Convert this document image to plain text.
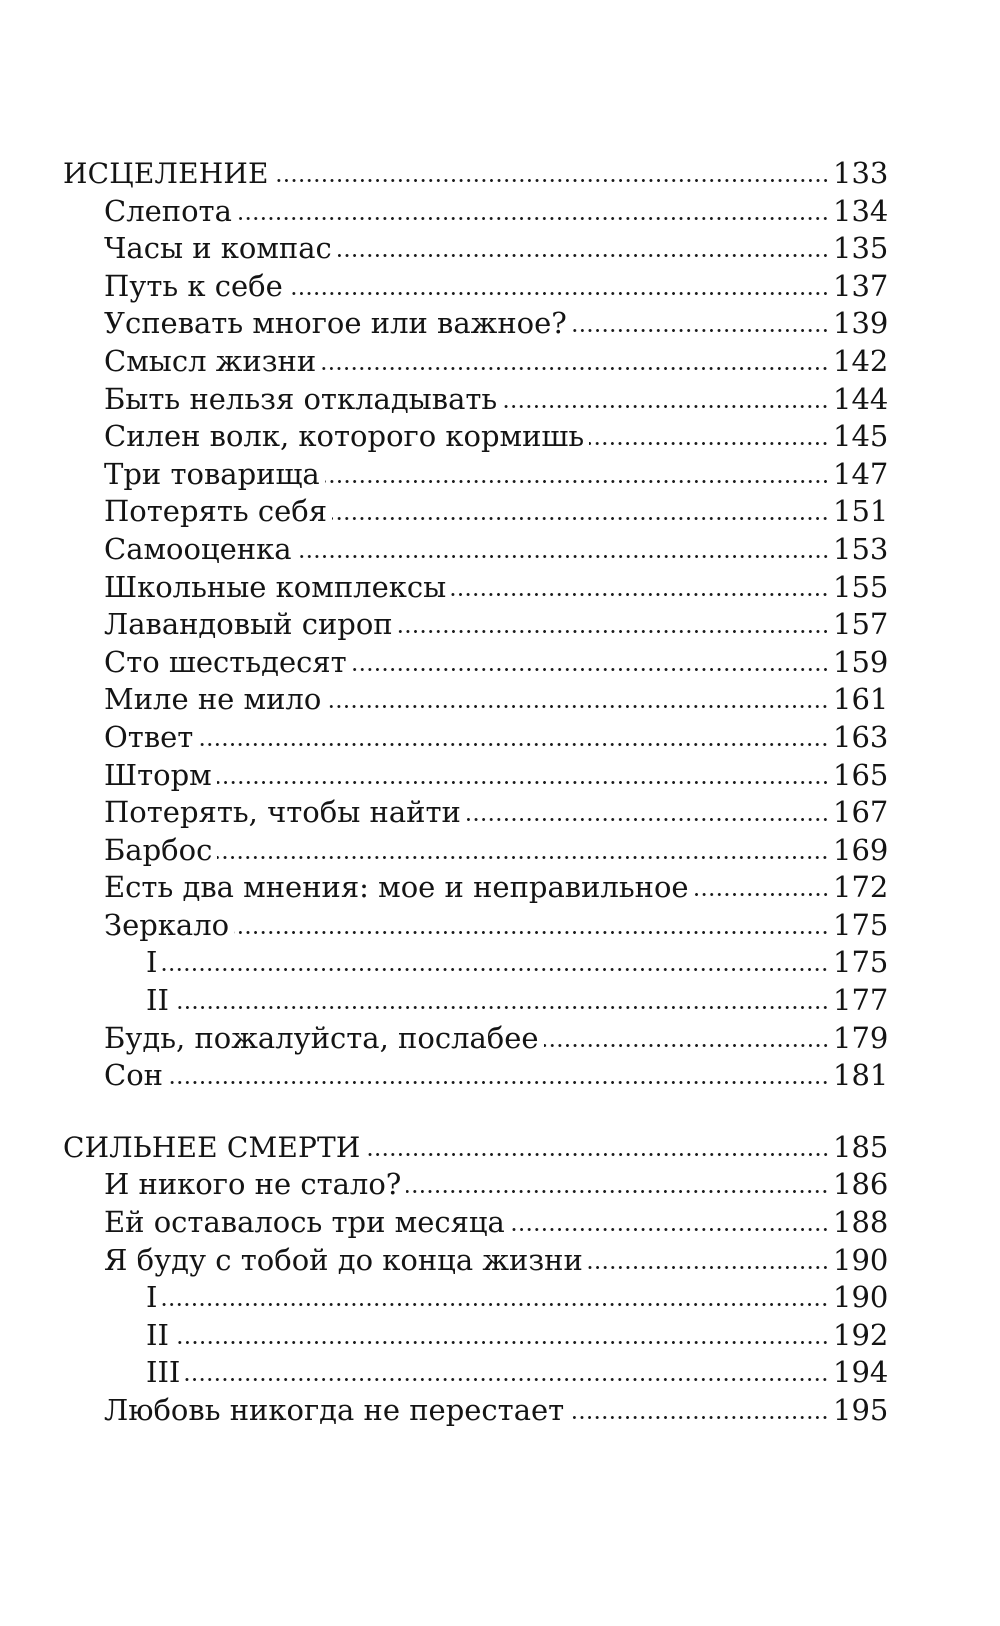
ИСЦЕЛЕНИЕ	133
Слепота	134
Часы и компас	135
Путь к себе	137
Успевать многое или важное?	139
Смысл жизни	142
Быть нельзя откладывать	144
Силен волк, которого кормишь	145
Три товарища	147
Потерять себя	151
Самооценка	153
Школьные комплексы	155
Лавандовый сироп	157
Сто шестьдесят	159
Миле не мило	161
Ответ	163
Шторм	165
Потерять, чтобы найти	167
Барбос	169
Есть два мнения: мое и неправильное	172
Зеркало	175
I	175
II	177
Будь, пожалуйста, послабее	179
Сон	181
СИЛЬНЕЕ СМЕРТИ	185
И никого не стало?	186
Ей оставалось три месяца	188
Я буду с тобой до конца жизни	190
I	190
II	192
III	194
Любовь никогда не перестает	195
